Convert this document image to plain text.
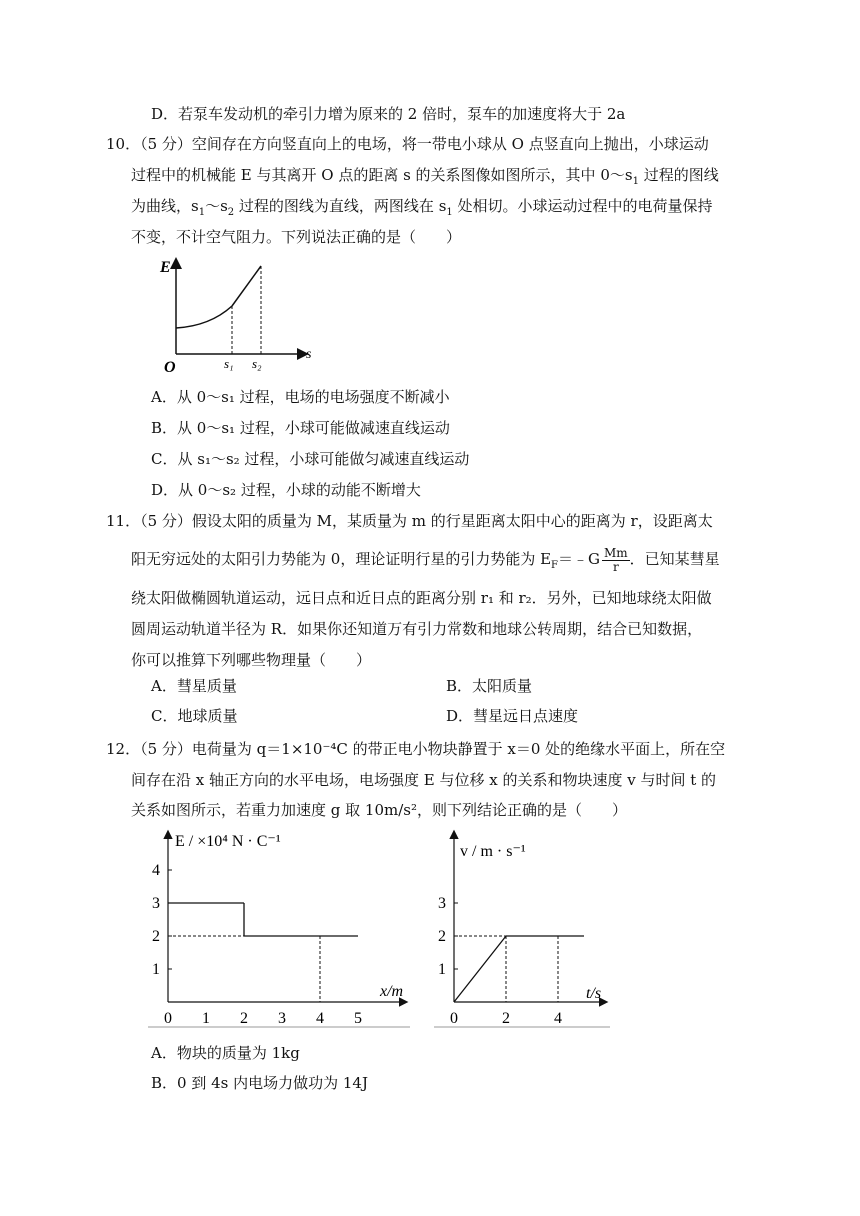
D．若泵车发动机的牵引力增为原来的 2 倍时，泵车的加速度将大于 2a
10．（5 分）空间存在方向竖直向上的电场，将一带电小球从 O 点竖直向上抛出，小球运动
过程中的机械能 E 与其离开 O 点的距离 s 的关系图像如图所示，其中 $0\sim s_1$ 过程的图线
为曲线，$s_1\sim s_2$ 过程的图线为直线，两图线在 $s_1$ 处相切。小球运动过程中的电荷量保持
不变，不计空气阻力。下列说法正确的是（　　）
E
s
O	s₁ s₂
A．从 0～s₁ 过程，电场的电场强度不断减小
B．从 0～s₁ 过程，小球可能做减速直线运动
C．从 s₁～s₂ 过程，小球可能做匀减速直线运动
D．从 0～s₂ 过程，小球的动能不断增大
11．（5 分）假设太阳的质量为 M，某质量为 m 的行星距离太阳中心的距离为 r，设距离太
阳无穷远处的太阳引力势能为 0，理论证明行星的引力势能为 $E_F=﹣G \frac{Mm}{r}$ ．已知某彗星
绕太阳做椭圆轨道运动，远日点和近日点的距离分别 r₁ 和 r₂．另外，已知地球绕太阳做
圆周运动轨道半径为 R．如果你还知道万有引力常数和地球公转周期，结合已知数据，
你可以推算下列哪些物理量（　　）
A．彗星质量	B．太阳质量
C．地球质量	D．彗星远日点速度
12．（5 分）电荷量为 q＝1×10⁻⁴C 的带正电小物块静置于 x＝0 处的绝缘水平面上，所在空
间存在沿 x 轴正方向的水平电场，电场强度 E 与位移 x 的关系和物块速度 v 与时间 t 的
关系如图所示，若重力加速度 g 取 10m/s²，则下列结论正确的是（　　）
E / ×10⁴ N · C⁻¹
x/m
1
2
3
4
0 1 2 3 4 5
v / m · s⁻¹
t/s
1
2
3
0	2	4
A．物块的质量为 1kg
B．0 到 4s 内电场力做功为 14J
